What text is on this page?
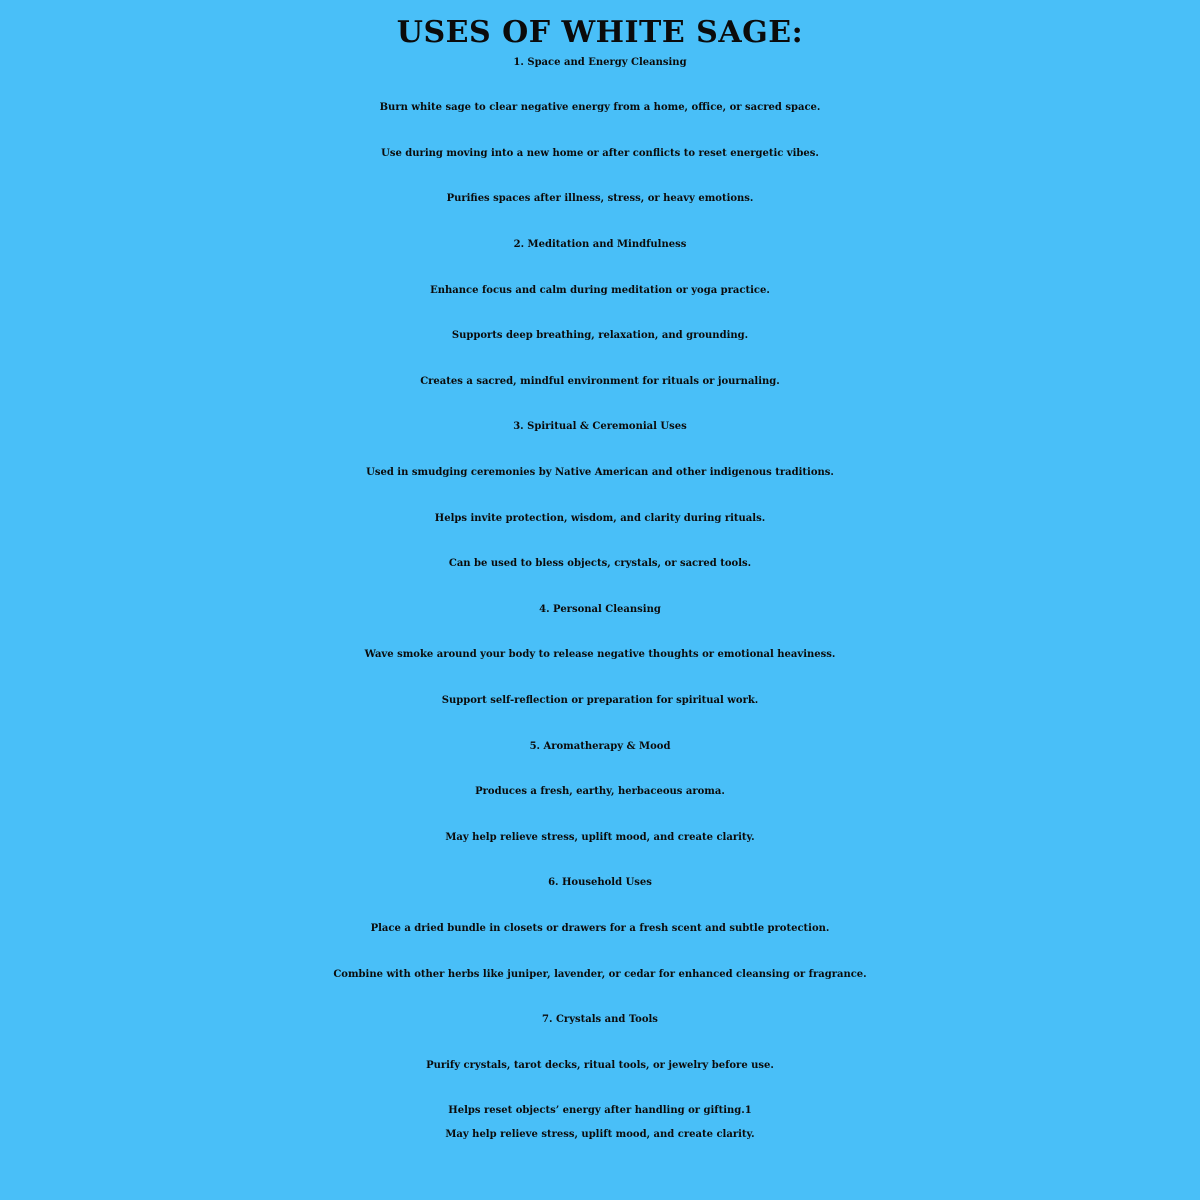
USES OF WHITE SAGE:
1. Space and Energy Cleansing
Burn white sage to clear negative energy from a home, office, or sacred space.
Use during moving into a new home or after conflicts to reset energetic vibes.
Purifies spaces after illness, stress, or heavy emotions.
2. Meditation and Mindfulness
Enhance focus and calm during meditation or yoga practice.
Supports deep breathing, relaxation, and grounding.
Creates a sacred, mindful environment for rituals or journaling.
3. Spiritual & Ceremonial Uses
Used in smudging ceremonies by Native American and other indigenous traditions.
Helps invite protection, wisdom, and clarity during rituals.
Can be used to bless objects, crystals, or sacred tools.
4. Personal Cleansing
Wave smoke around your body to release negative thoughts or emotional heaviness.
Support self-reflection or preparation for spiritual work.
5. Aromatherapy & Mood
Produces a fresh, earthy, herbaceous aroma.
May help relieve stress, uplift mood, and create clarity.
6. Household Uses
Place a dried bundle in closets or drawers for a fresh scent and subtle protection.
Combine with other herbs like juniper, lavender, or cedar for enhanced cleansing or fragrance.
7. Crystals and Tools
Purify crystals, tarot decks, ritual tools, or jewelry before use.
Helps reset objects’ energy after handling or gifting.1
May help relieve stress, uplift mood, and create clarity.
